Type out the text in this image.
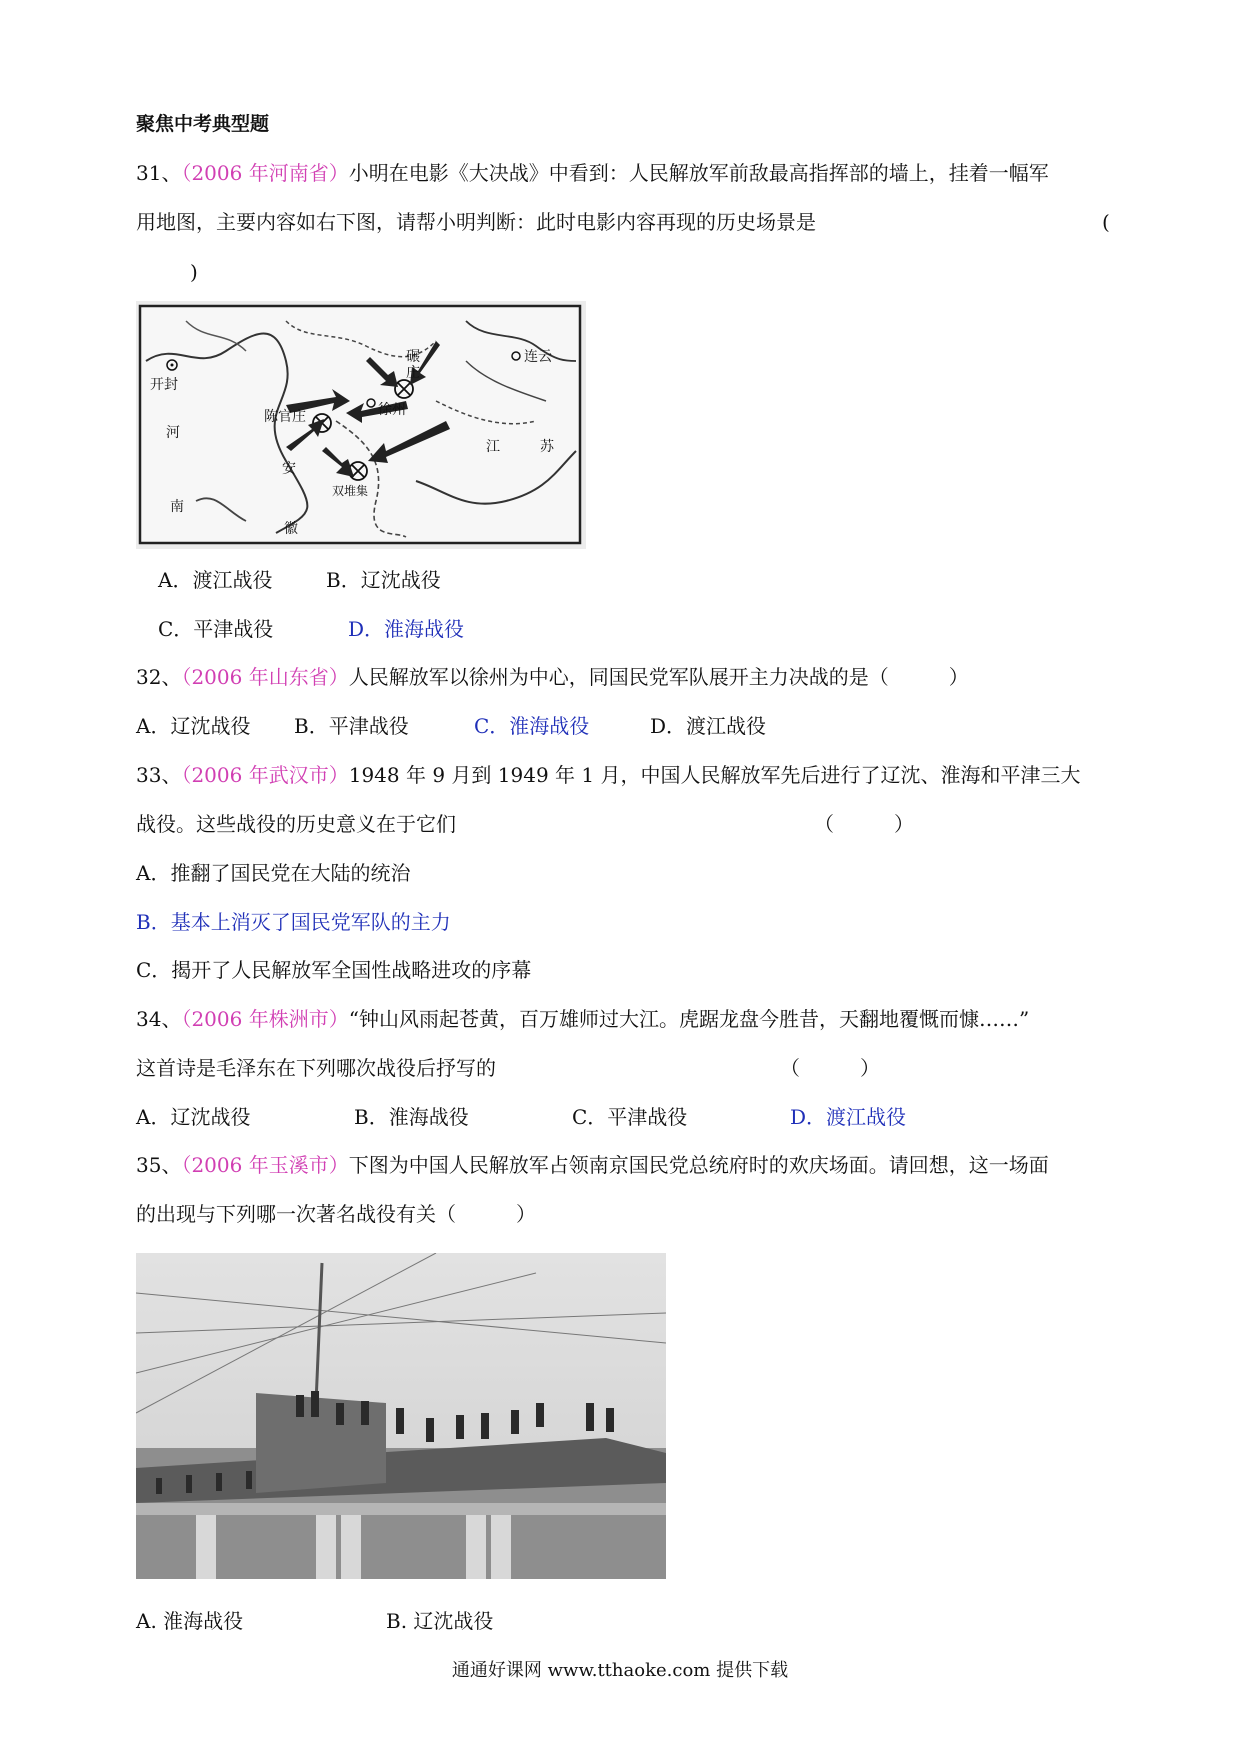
聚焦中考典型题
31、（2006 年河南省）小明在电影《大决战》中看到：人民解放军前敌最高指挥部的墙上，挂着一幅军
用地图，主要内容如右下图，请帮小明判断：此时电影内容再现的历史场景是	(
)
开封
河
南
陈官庄	徐州
碾
庄
连云
双堆集
安
徽
江	苏
A．渡江战役	B．辽沈战役
C．平津战役	D．淮海战役
32、（2006 年山东省）人民解放军以徐州为中心，同国民党军队展开主力决战的是（　　　）
A．辽沈战役 B．平津战役	C．淮海战役	D．渡江战役
33、（2006 年武汉市）1948 年 9 月到 1949 年 1 月，中国人民解放军先后进行了辽沈、淮海和平津三大
战役。这些战役的历史意义在于它们	（　　　）
A．推翻了国民党在大陆的统治
B．基本上消灭了国民党军队的主力
C．揭开了人民解放军全国性战略进攻的序幕
34、（2006 年株洲市）“钟山风雨起苍黄，百万雄师过大江。虎踞龙盘今胜昔，天翻地覆慨而慷……”
这首诗是毛泽东在下列哪次战役后抒写的	（　　　）
A．辽沈战役	B．淮海战役	C．平津战役	D．渡江战役
35、（2006 年玉溪市）下图为中国人民解放军占领南京国民党总统府时的欢庆场面。请回想，这一场面
的出现与下列哪一次著名战役有关（　　　）
A. 淮海战役	B. 辽沈战役
通通好课网 www.tthaoke.com 提供下载
